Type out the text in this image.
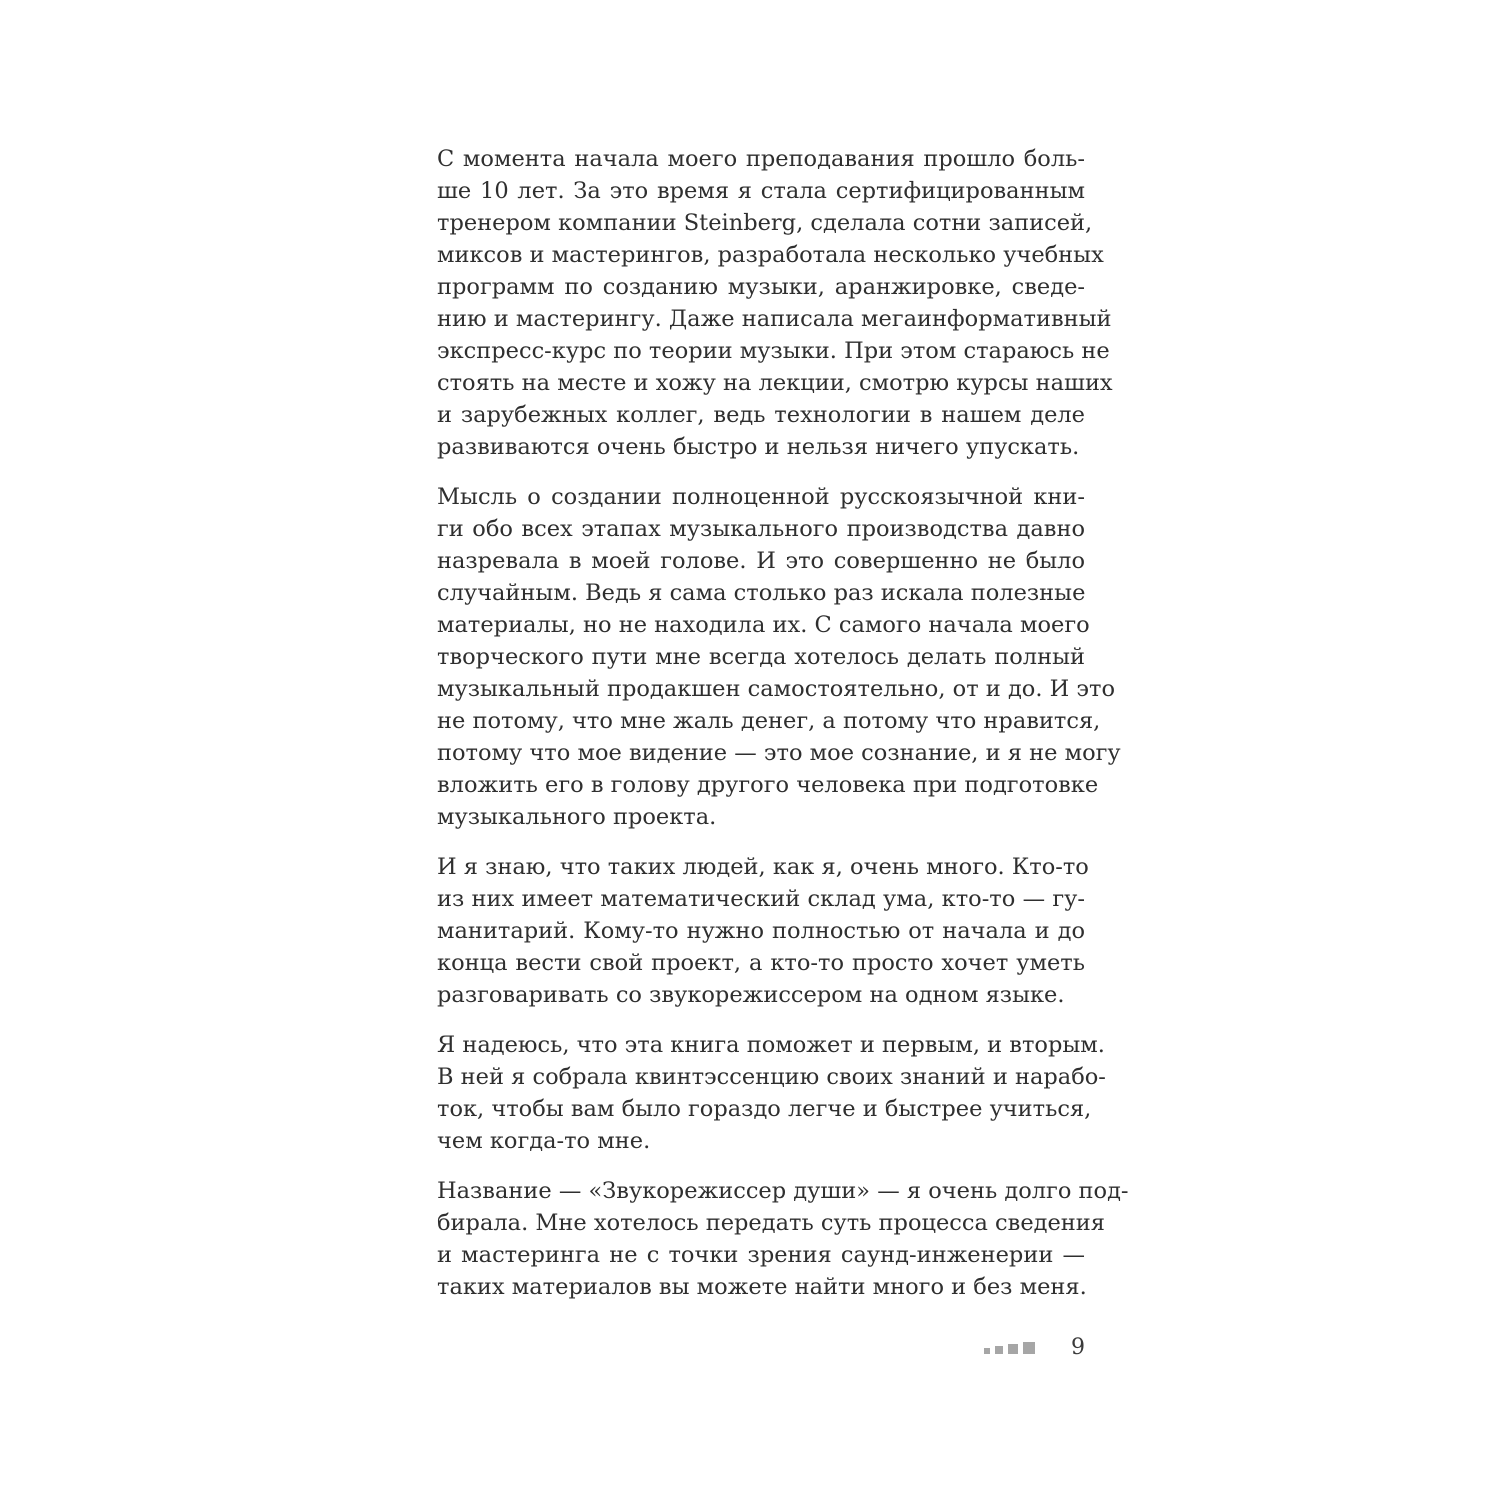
С момента начала моего преподавания прошло боль-
ше 10 лет. За это время я стала сертифицированным
тренером компании Steinberg, сделала сотни записей,
миксов и мастерингов, разработала несколько учебных
программ по созданию музыки, аранжировке, сведе-
нию и мастерингу. Даже написала мегаинформативный
экспресс-курс по теории музыки. При этом стараюсь не
стоять на месте и хожу на лекции, смотрю курсы наших
и зарубежных коллег, ведь технологии в нашем деле
развиваются очень быстро и нельзя ничего упускать.
Мысль о создании полноценной русскоязычной кни-
ги обо всех этапах музыкального производства давно
назревала в моей голове. И это совершенно не было
случайным. Ведь я сама столько раз искала полезные
материалы, но не находила их. С самого начала моего
творческого пути мне всегда хотелось делать полный
музыкальный продакшен самостоятельно, от и до. И это
не потому, что мне жаль денег, а потому что нравится,
потому что мое видение — это мое сознание, и я не могу
вложить его в голову другого человека при подготовке
музыкального проекта.
И я знаю, что таких людей, как я, очень много. Кто-то
из них имеет математический склад ума, кто-то — гу-
манитарий. Кому-то нужно полностью от начала и до
конца вести свой проект, а кто-то просто хочет уметь
разговаривать со звукорежиссером на одном языке.
Я надеюсь, что эта книга поможет и первым, и вторым.
В ней я собрала квинтэссенцию своих знаний и нарабо-
ток, чтобы вам было гораздо легче и быстрее учиться,
чем когда-то мне.
Название — «Звукорежиссер души» — я очень долго под-
бирала. Мне хотелось передать суть процесса сведения
и мастеринга не с точки зрения саунд-инженерии —
таких материалов вы можете найти много и без меня.
9
